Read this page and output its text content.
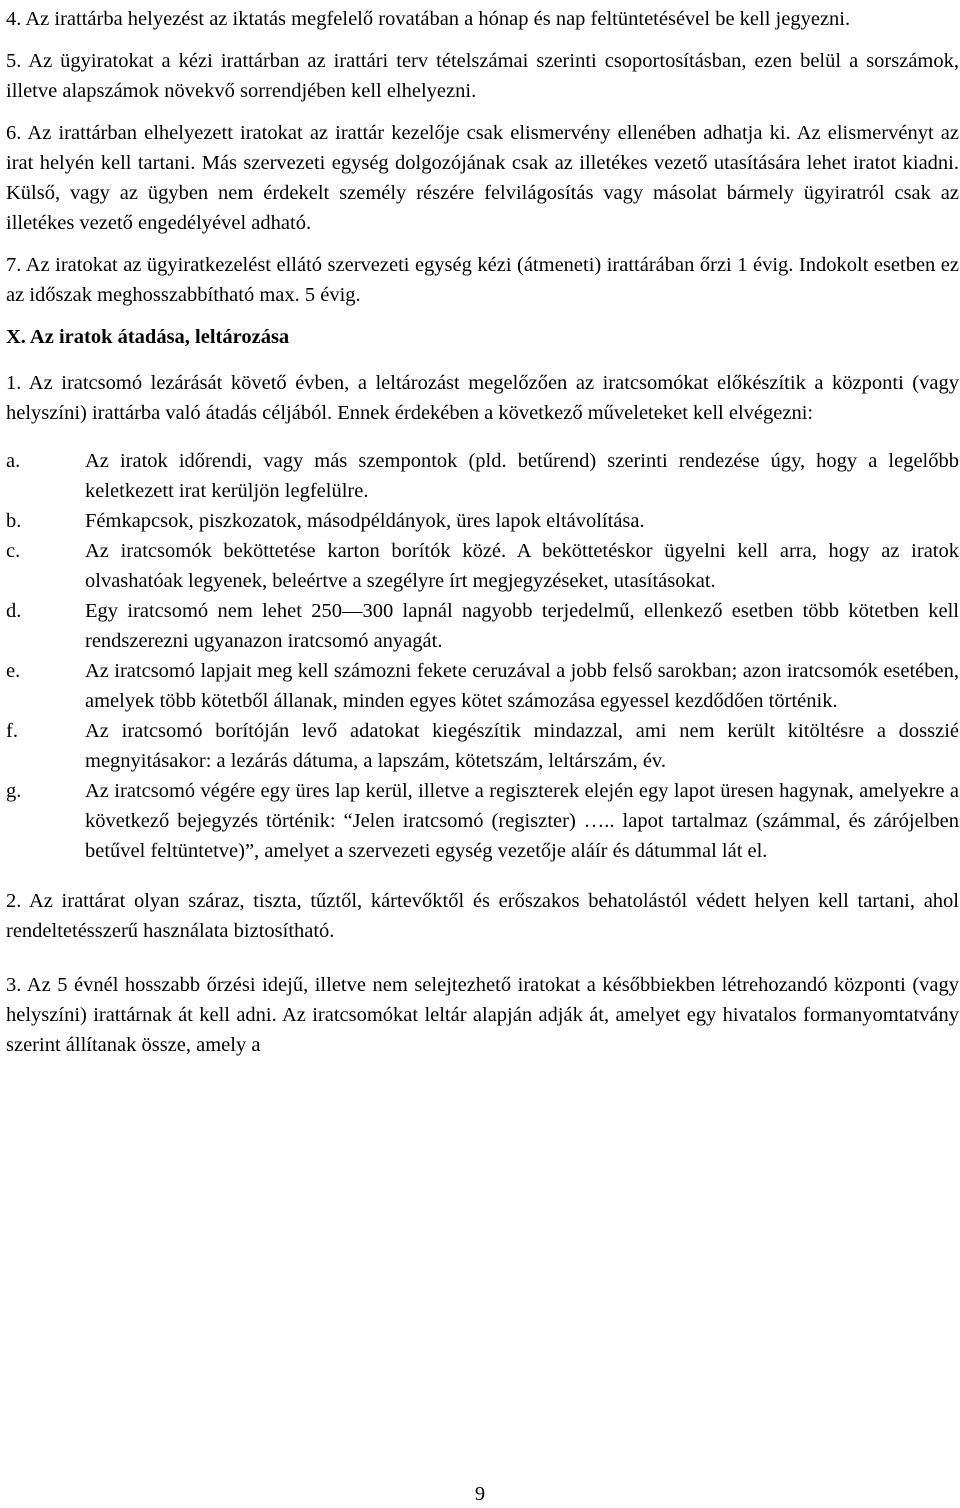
4. Az irattárba helyezést az iktatás megfelelő rovatában a hónap és nap feltüntetésével be kell jegyezni.

5. Az ügyiratokat a kézi irattárban az irattári terv tételszámai szerinti csoportosításban, ezen belül a sorszámok, illetve alapszámok növekvő sorrendjében kell elhelyezni.

6. Az irattárban elhelyezett iratokat az irattár kezelője csak elismervény ellenében adhatja ki. Az elismervényt az irat helyén kell tartani. Más szervezeti egység dolgozójának csak az illetékes vezető utasítására lehet iratot kiadni. Külső, vagy az ügyben nem érdekelt személy részére felvilágosítás vagy másolat bármely ügyiratról csak az illetékes vezető engedélyével adható.

7. Az iratokat az ügyiratkezelést ellátó szervezeti egység kézi (átmeneti) irattárában őrzi 1 évig. Indokolt esetben ez az időszak meghosszabbítható max. 5 évig.

X. Az iratok átadása, leltározása

1. Az iratcsomó lezárását követő évben, a leltározást megelőzően az iratcsomókat előkészítik a központi (vagy helyszíni) irattárba való átadás céljából. Ennek érdekében a következő műveleteket kell elvégezni:

a.	Az iratok időrendi, vagy más szempontok (pld. betűrend) szerinti rendezése úgy, hogy a legelőbb keletkezett irat kerüljön legfelülre.
b.	Fémkapcsok, piszkozatok, másodpéldányok, üres lapok eltávolítása.
c.	Az iratcsomók beköttetése karton borítók közé. A beköttetéskor ügyelni kell arra, hogy az iratok olvashatóak legyenek, beleértve a szegélyre írt megjegyzéseket, utasításokat.
d.	Egy iratcsomó nem lehet 250—300 lapnál nagyobb terjedelmű, ellenkező esetben több kötetben kell rendszerezni ugyanazon iratcsomó anyagát.
e.	Az iratcsomó lapjait meg kell számozni fekete ceruzával a jobb felső sarokban; azon iratcsomók esetében, amelyek több kötetből állanak, minden egyes kötet számozása egyessel kezdődően történik.
f.	Az iratcsomó borítóján levő adatokat kiegészítik mindazzal, ami nem került kitöltésre a dosszié megnyitásakor: a lezárás dátuma, a lapszám, kötetszám, leltárszám, év.
g.	Az iratcsomó végére egy üres lap kerül, illetve a regiszterek elején egy lapot üresen hagynak, amelyekre a következő bejegyzés történik: “Jelen iratcsomó (regiszter) ….. lapot tartalmaz (számmal, és zárójelben betűvel feltüntetve)”, amelyet a szervezeti egység vezetője aláír és dátummal lát el.

2. Az irattárat olyan száraz, tiszta, tűztől, kártevőktől és erőszakos behatolástól védett helyen kell tartani, ahol rendeltetésszerű használata biztosítható.

3. Az 5 évnél hosszabb őrzési idejű, illetve nem selejtezhető iratokat a későbbiekben létrehozandó központi (vagy helyszíni) irattárnak át kell adni. Az iratcsomókat leltár alapján adják át, amelyet egy hivatalos formanyomtatvány szerint állítanak össze, amely a

9
